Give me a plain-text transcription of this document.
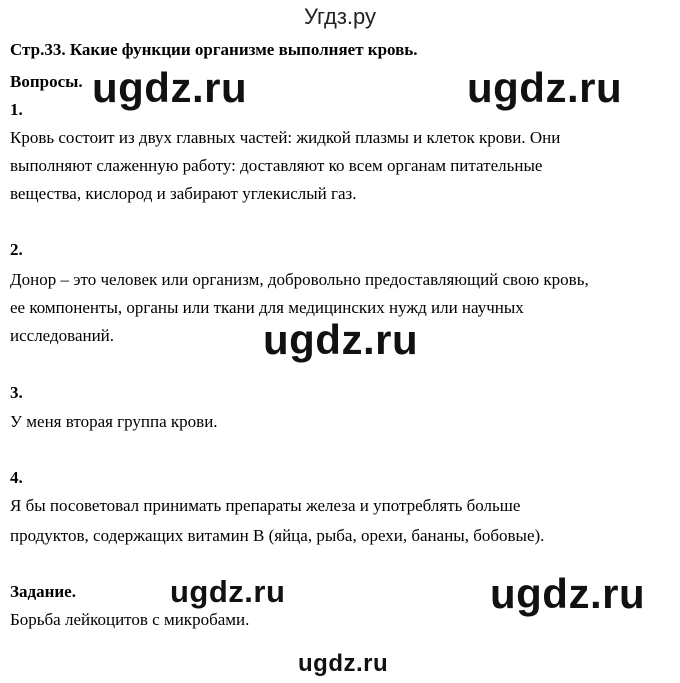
Угдз.ру
Стр.33. Какие функции организме выполняет кровь.
Вопросы.
1.
Кровь состоит из двух главных частей: жидкой плазмы и клеток крови. Они
выполняют слаженную работу: доставляют ко всем органам питательные
вещества, кислород и забирают углекислый газ.
2.
Донор – это человек или организм, добровольно предоставляющий свою кровь,
ее компоненты, органы или ткани для медицинских нужд или научных
исследований.
3.
У меня вторая группа крови.
4.
Я бы посоветовал принимать препараты железа и употреблять больше
продуктов, содержащих витамин В (яйца, рыба, орехи, бананы, бобовые).
Задание.
Борьба лейкоцитов с микробами.
ugdz.ru	ugdz.ru
ugdz.ru
ugdz.ru	ugdz.ru
ugdz.ru
